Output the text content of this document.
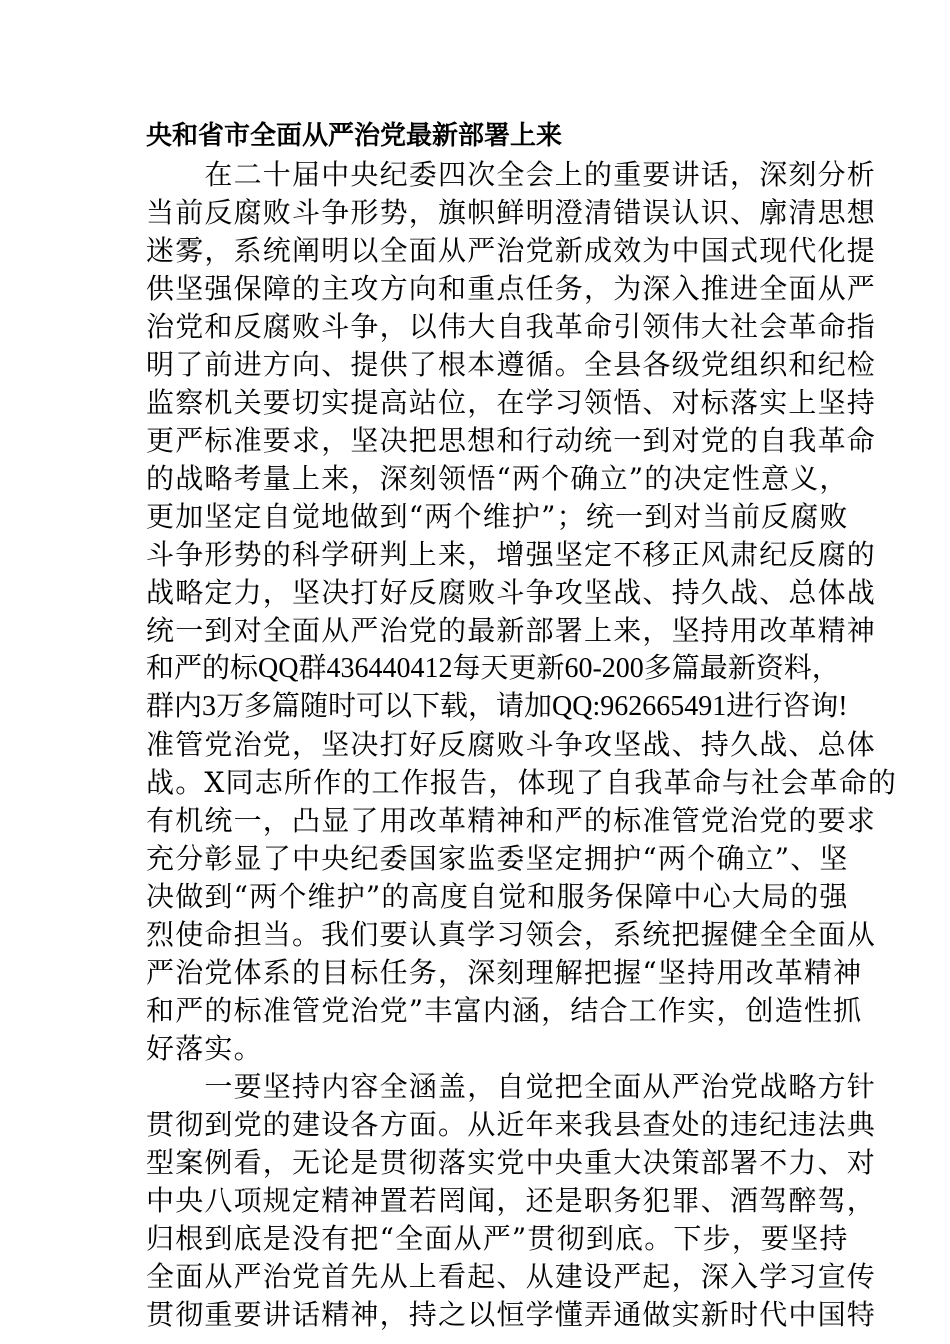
央和省市全面从严治党最新部署上来
　　在二十届中央纪委四次全会上的重要讲话，深刻分析
当前反腐败斗争形势，旗帜鲜明澄清错误认识、廓清思想
迷雾，系统阐明以全面从严治党新成效为中国式现代化提
供坚强保障的主攻方向和重点任务，为深入推进全面从严
治党和反腐败斗争，以伟大自我革命引领伟大社会革命指
明了前进方向、提供了根本遵循。全县各级党组织和纪检
监察机关要切实提高站位，在学习领悟、对标落实上坚持
更严标准要求，坚决把思想和行动统一到对党的自我革命
的战略考量上来，深刻领悟“两个确立”的决定性意义，
更加坚定自觉地做到“两个维护”；统一到对当前反腐败
斗争形势的科学研判上来，增强坚定不移正风肃纪反腐的
战略定力，坚决打好反腐败斗争攻坚战、持久战、总体战
统一到对全面从严治党的最新部署上来，坚持用改革精神
和严的标QQ群436440412每天更新60-200多篇最新资料，
群内3万多篇随时可以下载，请加QQ:962665491进行咨询!
准管党治党，坚决打好反腐败斗争攻坚战、持久战、总体
战。X同志所作的工作报告，体现了自我革命与社会革命的
有机统一，凸显了用改革精神和严的标准管党治党的要求
充分彰显了中央纪委国家监委坚定拥护“两个确立”、坚
决做到“两个维护”的高度自觉和服务保障中心大局的强
烈使命担当。我们要认真学习领会，系统把握健全全面从
严治党体系的目标任务，深刻理解把握“坚持用改革精神
和严的标准管党治党”丰富内涵，结合工作实，创造性抓
好落实。
　　一要坚持内容全涵盖，自觉把全面从严治党战略方针
贯彻到党的建设各方面。从近年来我县查处的违纪违法典
型案例看，无论是贯彻落实党中央重大决策部署不力、对
中央八项规定精神置若罔闻，还是职务犯罪、酒驾醉驾，
归根到底是没有把“全面从严”贯彻到底。下步，要坚持
全面从严治党首先从上看起、从建设严起，深入学习宣传
贯彻重要讲话精神，持之以恒学懂弄通做实新时代中国特
